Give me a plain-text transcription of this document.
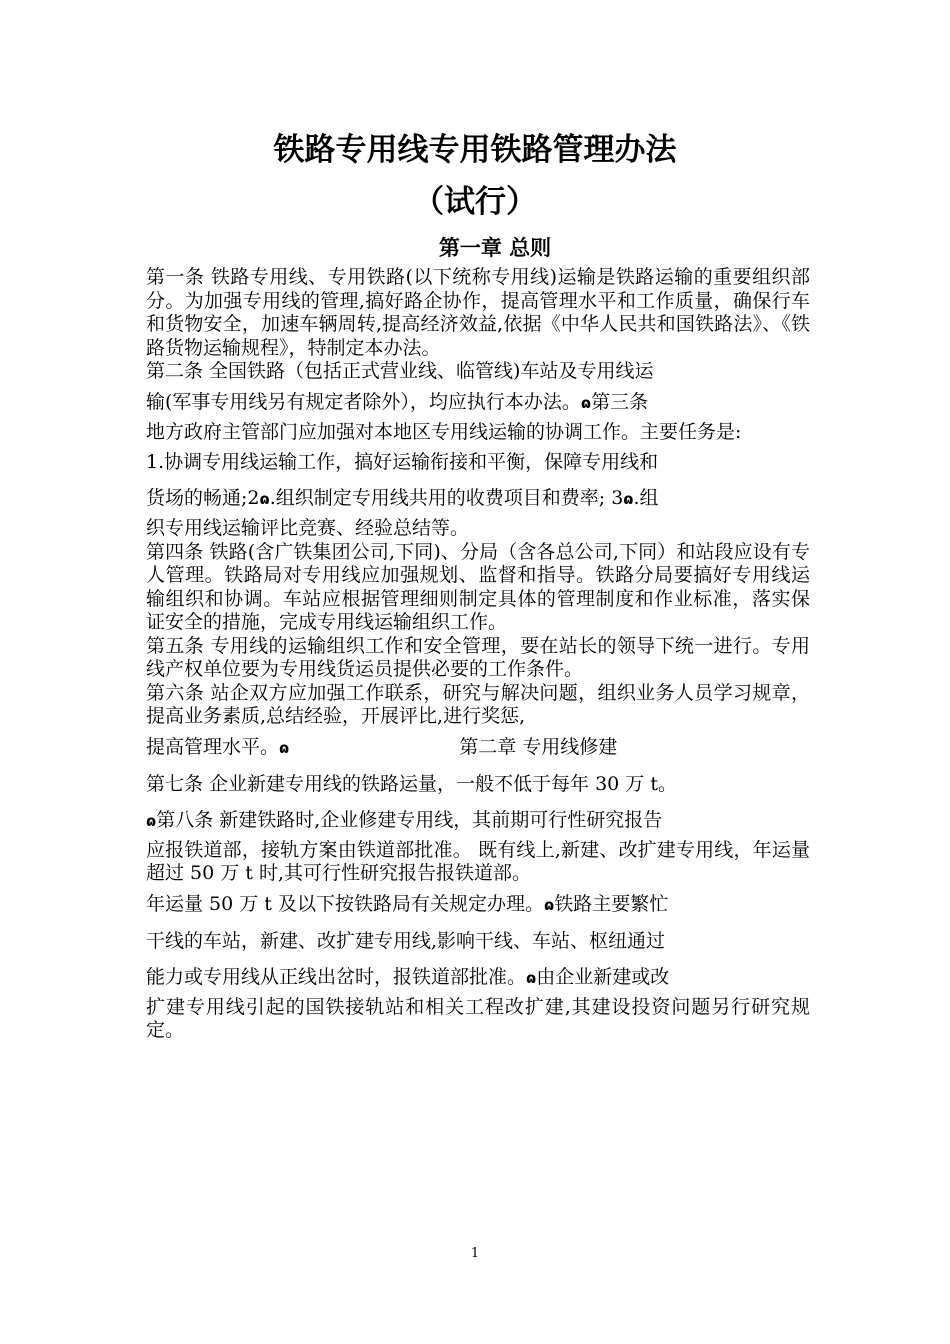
铁路专用线专用铁路管理办法
（试行）
第一章 总则

第一条 铁路专用线、专用铁路(以下统称专用线)运输是铁路运输的重要组织部分。为加强专用线的管理,搞好路企协作，提高管理水平和工作质量，确保行车和货物安全，加速车辆周转,提高经济效益,依据《中华人民共和国铁路法》、《铁路货物运输规程》，特制定本办法。

第二条 全国铁路（包括正式营业线、临管线)车站及专用线运

输(军事专用线另有规定者除外），均应执行本办法。ɷ第三条

地方政府主管部门应加强对本地区专用线运输的协调工作。主要任务是:

1.协调专用线运输工作，搞好运输衔接和平衡，保障专用线和

货场的畅通;2ɷ.组织制定专用线共用的收费项目和费率; 3ɷ.组

织专用线运输评比竞赛、经验总结等。

第四条 铁路(含广铁集团公司,下同)、分局（含各总公司,下同）和站段应设有专人管理。铁路局对专用线应加强规划、监督和指导。铁路分局要搞好专用线运输组织和协调。车站应根据管理细则制定具体的管理制度和作业标准，落实保证安全的措施，完成专用线运输组织工作。

第五条 专用线的运输组织工作和安全管理，要在站长的领导下统一进行。专用线产权单位要为专用线货运员提供必要的工作条件。

第六条 站企双方应加强工作联系，研究与解决问题，组织业务人员学习规章，提高业务素质,总结经验，开展评比,进行奖惩,

提高管理水平。ɷ	第二章 专用线修建

第七条 企业新建专用线的铁路运量，一般不低于每年 30 万 t。

ɷ第八条 新建铁路时,企业修建专用线，其前期可行性研究报告

应报铁道部，接轨方案由铁道部批准。 既有线上,新建、改扩建专用线，年运量超过 50 万 t 时,其可行性研究报告报铁道部。

年运量 50 万 t 及以下按铁路局有关规定办理。ɷ铁路主要繁忙

干线的车站，新建、改扩建专用线,影响干线、车站、枢纽通过

能力或专用线从正线出岔时，报铁道部批准。ɷ由企业新建或改

扩建专用线引起的国铁接轨站和相关工程改扩建,其建设投资问题另行研究规定。

1
